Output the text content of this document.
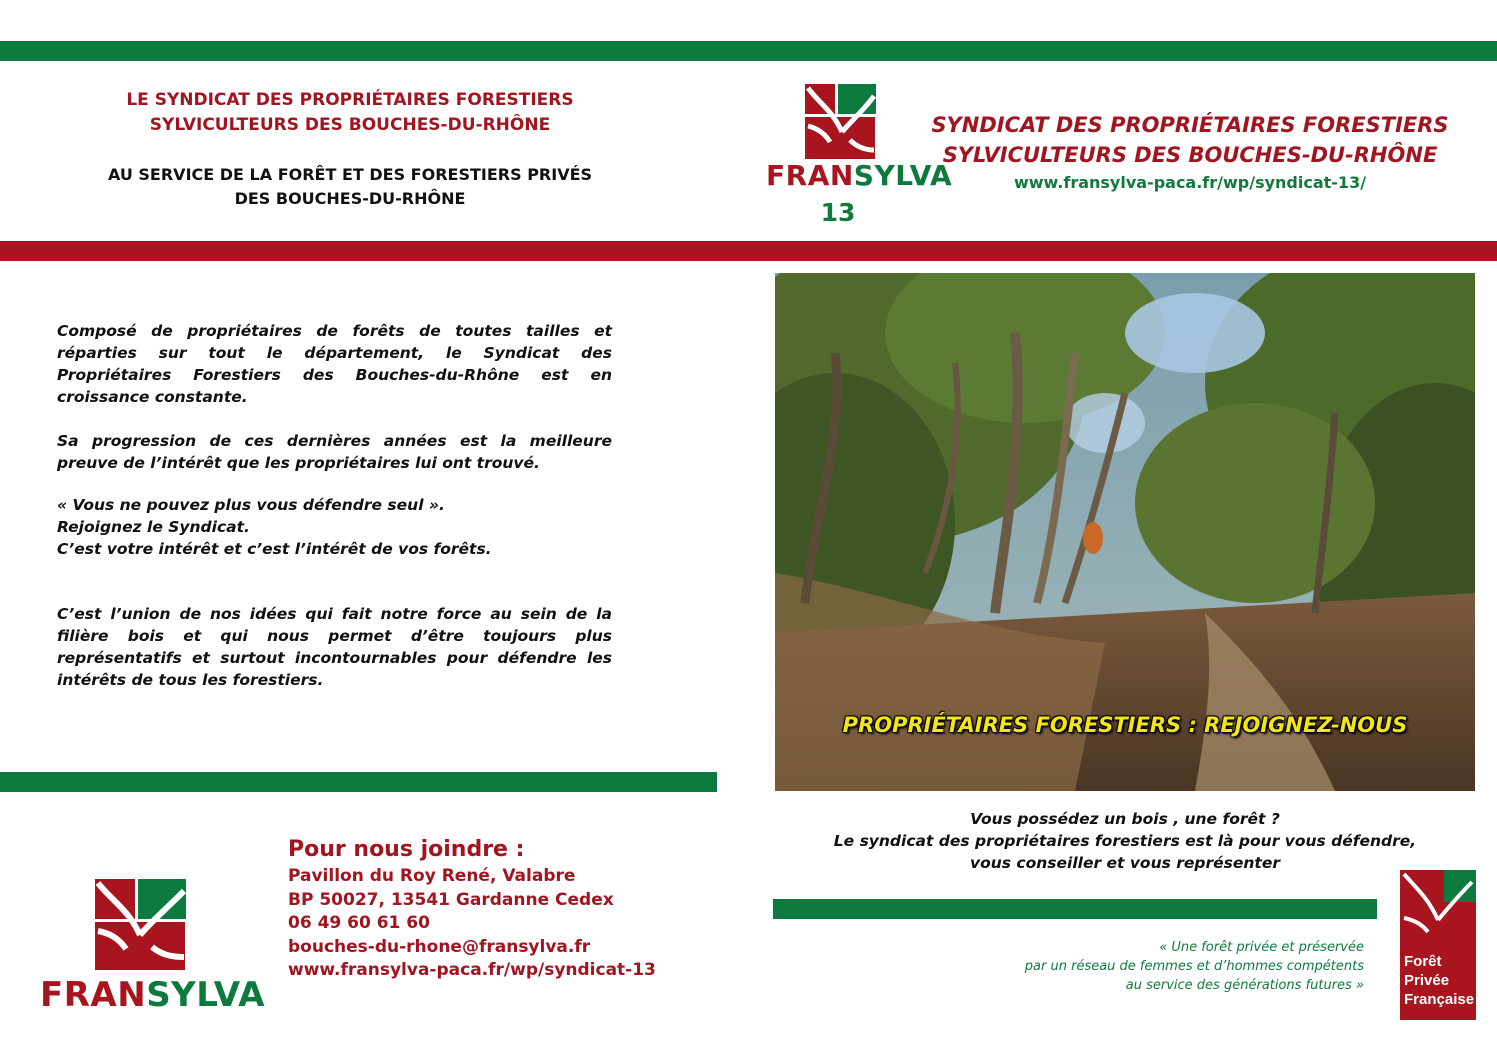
LE SYNDICAT DES PROPRIÉTAIRES FORESTIERS
SYLVICULTEURS DES BOUCHES-DU-RHÔNE
AU SERVICE DE LA FORÊT ET DES FORESTIERS PRIVÉS
DES BOUCHES-DU-RHÔNE
FRANSYLVA
13
SYNDICAT DES PROPRIÉTAIRES FORESTIERS
SYLVICULTEURS DES BOUCHES-DU-RHÔNE
www.fransylva-paca.fr/wp/syndicat-13/

Composé de propriétaires de forêts de toutes tailles et réparties sur tout le département, le Syndicat des Propriétaires Forestiers des Bouches-du-Rhône est en croissance constante.

Sa progression de ces dernières années est la meilleure preuve de l’intérêt que les propriétaires lui ont trouvé.

« Vous ne pouvez plus vous défendre seul ».

Rejoignez le Syndicat.

C’est votre intérêt et c’est l’intérêt de vos forêts.

C’est l’union de nos idées qui fait notre force au sein de la filière bois et qui nous permet d’être toujours plus représentatifs et surtout incontournables pour défendre les intérêts de tous les forestiers.

PROPRIÉTAIRES FORESTIERS : REJOIGNEZ-NOUS
Vous possédez un bois , une forêt ?
Le syndicat des propriétaires forestiers est là pour vous défendre,
vous conseiller et vous représenter
« Une forêt privée et préservée
par un réseau de femmes et d’hommes compétents
au service des générations futures »
Forêt
Privée
Française
FRANSYLVA
Pour nous joindre :
Pavillon du Roy René, Valabre
BP 50027, 13541 Gardanne Cedex
06 49 60 61 60
bouches-du-rhone@fransylva.fr
www.fransylva-paca.fr/wp/syndicat-13
